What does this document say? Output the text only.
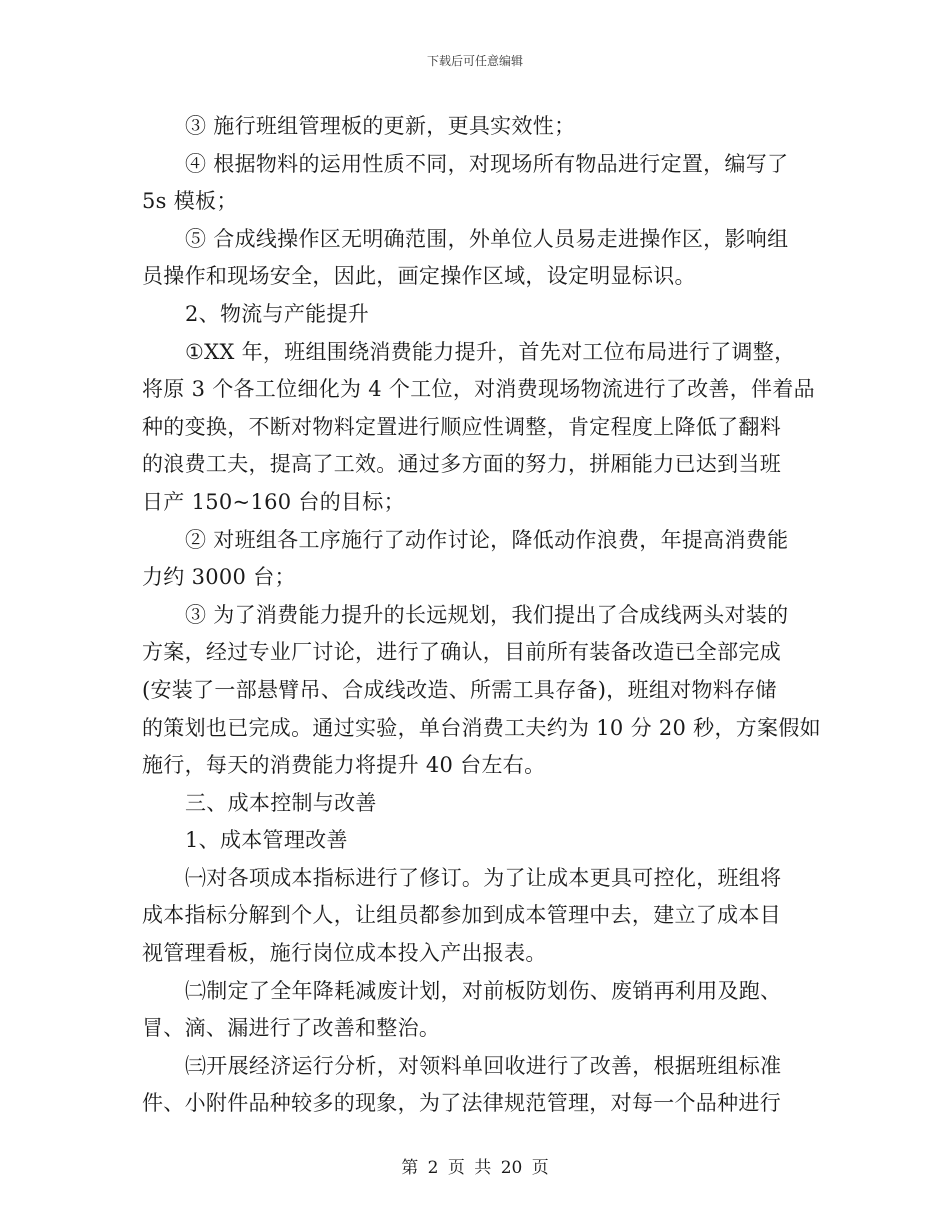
下载后可任意编辑
③ 施行班组管理板的更新，更具实效性；
④ 根据物料的运用性质不同，对现场所有物品进行定置，编写了
5s 模板；
⑤ 合成线操作区无明确范围，外单位人员易走进操作区，影响组
员操作和现场安全，因此，画定操作区域，设定明显标识。
2、物流与产能提升
①XX 年，班组围绕消费能力提升，首先对工位布局进行了调整，
将原 3 个各工位细化为 4 个工位，对消费现场物流进行了改善，伴着品
种的变换，不断对物料定置进行顺应性调整，肯定程度上降低了翻料
的浪费工夫，提高了工效。通过多方面的努力，拼厢能力已达到当班
日产 150~160 台的目标；
② 对班组各工序施行了动作讨论，降低动作浪费，年提高消费能
力约 3000 台；
③ 为了消费能力提升的长远规划，我们提出了合成线两头对装的
方案，经过专业厂讨论，进行了确认，目前所有装备改造已全部完成
(安装了一部悬臂吊、合成线改造、所需工具存备)，班组对物料存储
的策划也已完成。通过实验，单台消费工夫约为 10 分 20 秒，方案假如
施行，每天的消费能力将提升 40 台左右。
三、成本控制与改善
1、成本管理改善
㈠对各项成本指标进行了修订。为了让成本更具可控化，班组将
成本指标分解到个人，让组员都参加到成本管理中去，建立了成本目
视管理看板，施行岗位成本投入产出报表。
㈡制定了全年降耗减废计划，对前板防划伤、废销再利用及跑、
冒、滴、漏进行了改善和整治。
㈢开展经济运行分析，对领料单回收进行了改善，根据班组标准
件、小附件品种较多的现象，为了法律规范管理，对每一个品种进行
第 2 页 共 20 页
